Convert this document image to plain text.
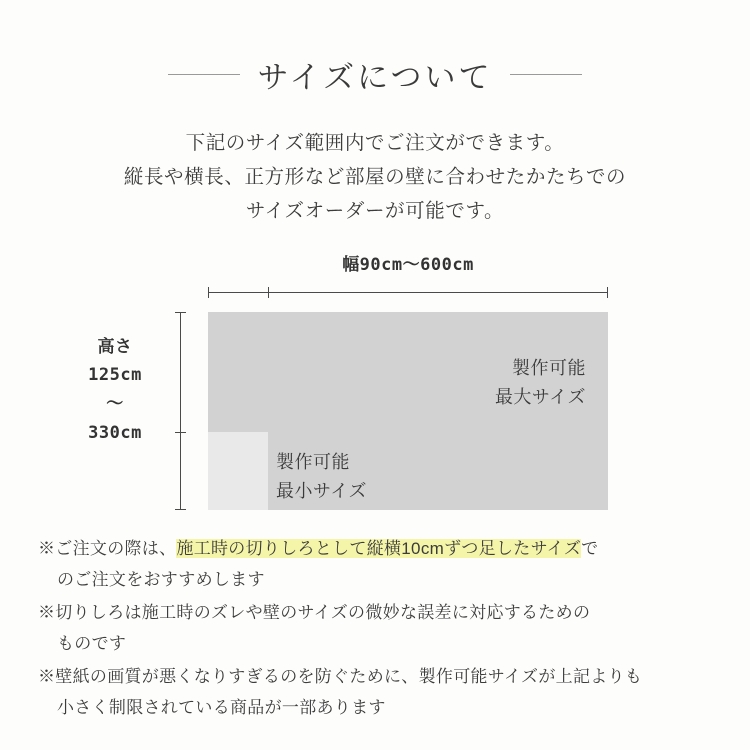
サイズについて
下記のサイズ範囲内でご注文ができます。
縦長や横長、正方形など部屋の壁に合わせたかたちでの
サイズオーダーが可能です。
幅90cm〜600cm
製作可能
最大サイズ
製作可能
最小サイズ
高さ
125cm
〜
330cm
※ご注文の際は、施工時の切りしろとして縦横10cmずつ足したサイズで
のご注文をおすすめします
※切りしろは施工時のズレや壁のサイズの微妙な誤差に対応するための
ものです
※壁紙の画質が悪くなりすぎるのを防ぐために、製作可能サイズが上記よりも
小さく制限されている商品が一部あります
